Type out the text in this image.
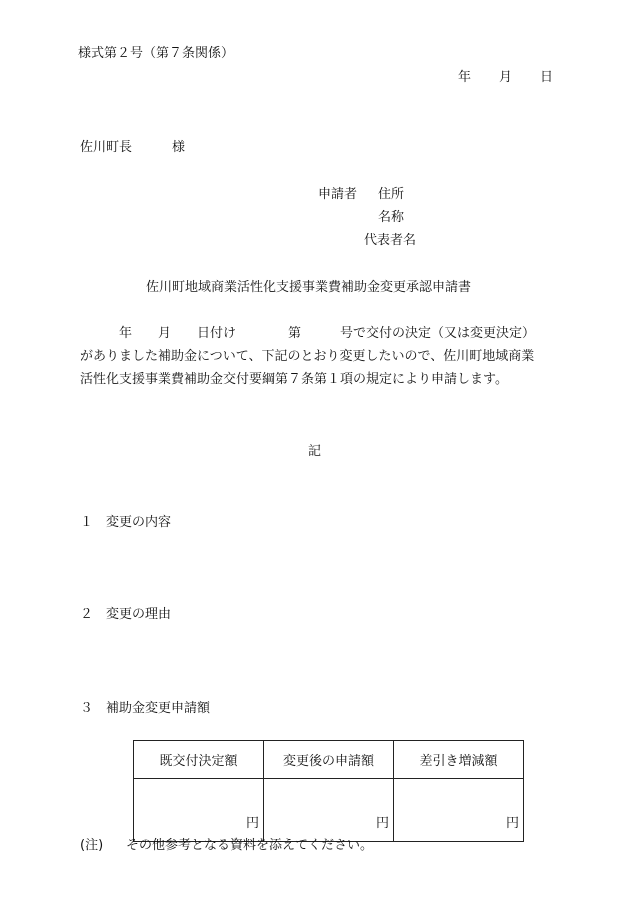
様式第２号（第７条関係）
年 月 日
佐川町長	様
申請者	住所
名称
代表者名
佐川町地域商業活性化支援事業費補助金変更承認申請書
年　　月　　日付け　　　　第　　　号で交付の決定（又は変更決定）
がありました補助金について、下記のとおり変更したいので、佐川町地域商業
活性化支援事業費補助金交付要綱第７条第１項の規定により申請します。
記
１ 変更の内容
２ 変更の理由
３ 補助金変更申請額
既交付決定額	変更後の申請額	差引き増減額
円	円	円
(注) その他参考となる資料を添えてください。
